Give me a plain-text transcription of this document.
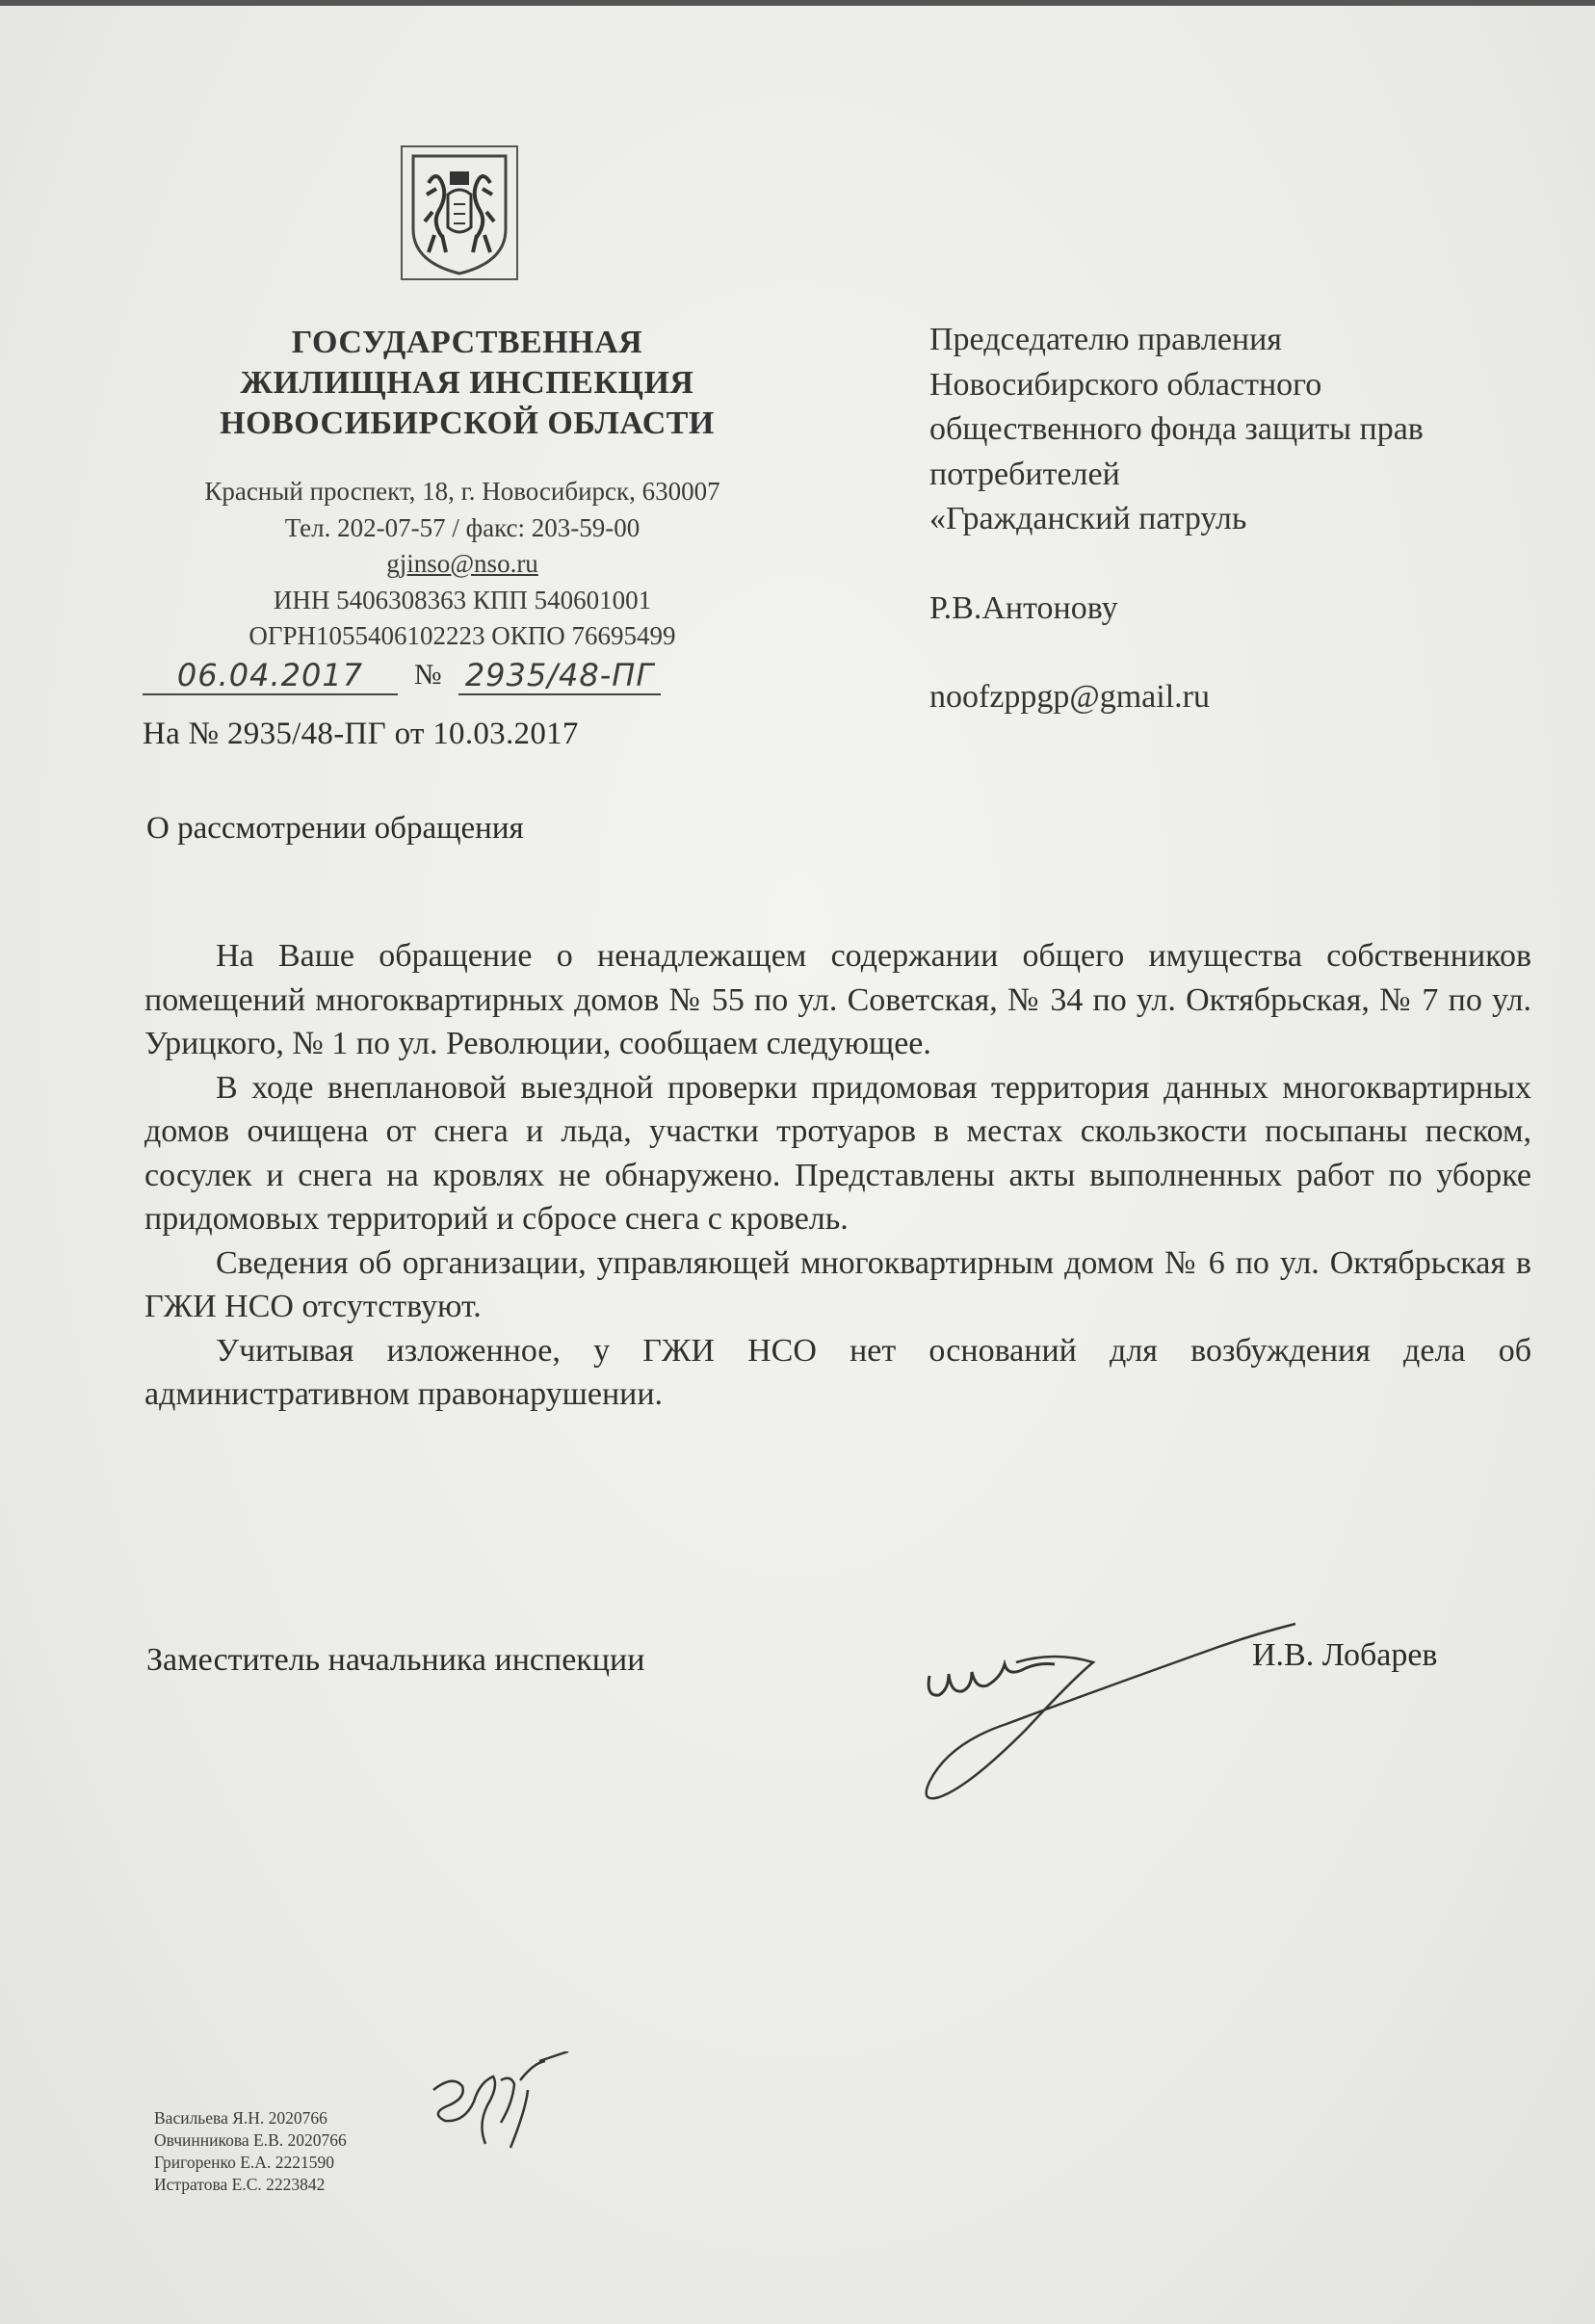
ГОСУДАРСТВЕННАЯ
ЖИЛИЩНАЯ ИНСПЕКЦИЯ
НОВОСИБИРСКОЙ ОБЛАСТИ
Красный проспект, 18, г. Новосибирск, 630007
Тел. 202-07-57 / факс: 203-59-00
gjinso@nso.ru
ИНН 5406308363 КПП 540601001
ОГРН1055406102223 ОКПО 76695499
06.04.2017	№ 2935/48-ПГ
На № 2935/48-ПГ от 10.03.2017
Председателю правления
Новосибирского областного
общественного фонда защиты прав
потребителей
«Гражданский патруль
Р.В.Антонову
noofzppgp@gmail.ru
О рассмотрении обращения

На Ваше обращение о ненадлежащем содержании общего имущества собственников помещений многоквартирных домов № 55 по ул. Советская, № 34 по ул. Октябрьская, № 7 по ул. Урицкого, № 1 по ул. Революции, сообщаем следующее.

В ходе внеплановой выездной проверки придомовая территория данных многоквартирных домов очищена от снега и льда, участки тротуаров в местах скользкости посыпаны песком, сосулек и снега на кровлях не обнаружено. Представлены акты выполненных работ по уборке придомовых территорий и сбросе снега с кровель.

Сведения об организации, управляющей многоквартирным домом № 6 по ул. Октябрьская в ГЖИ НСО отсутствуют.

Учитывая изложенное, у ГЖИ НСО нет оснований для возбуждения дела об административном правонарушении.

Заместитель начальника инспекции	И.В. Лобарев
Васильева Я.Н. 2020766
Овчинникова Е.В. 2020766
Григоренко Е.А. 2221590
Истратова Е.С. 2223842
